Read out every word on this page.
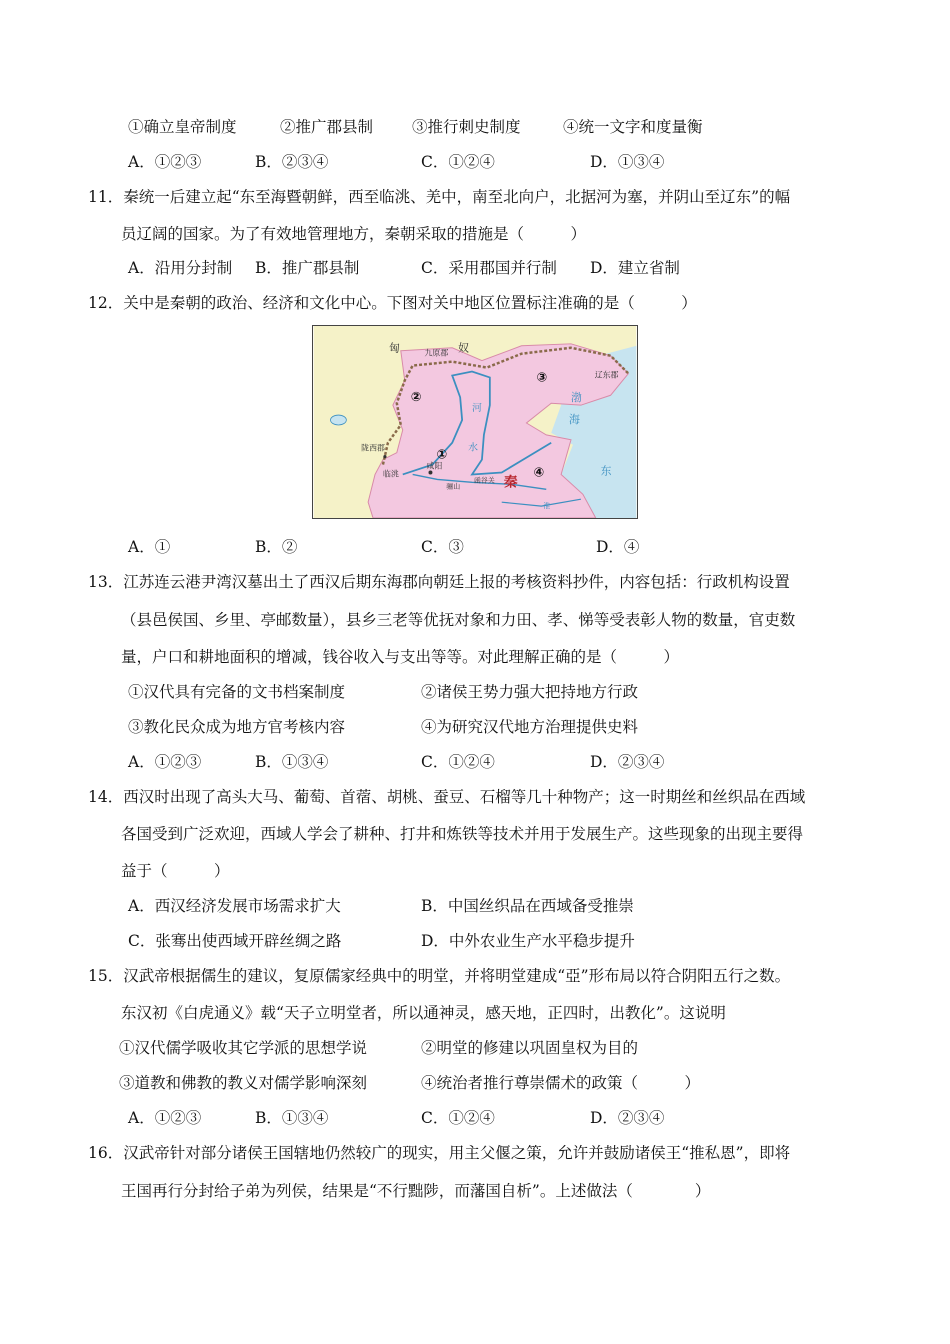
①确立皇帝制度	②推广郡县制	③推行刺史制度	④统一文字和度量衡
A．①②③	B．②③④	C．①②④	D．①③④
11．秦统一后建立起“东至海暨朝鲜，西至临洮、羌中，南至北向户，北据河为塞，并阴山至辽东”的幅
员辽阔的国家。为了有效地管理地方，秦朝采取的措施是（　　　）
A．沿用分封制 B．推广郡县制	C．采用郡国并行制 D．建立省制
12．关中是秦朝的政治、经济和文化中心。下图对关中地区位置标注准确的是（　　　）
匈	奴
九原郡
辽东郡
陇西郡
临洮
咸阳
函谷关
骊山
河
水
渤
海
东
秦
淮
②
③
①
④
A．①	B．②	C．③	D．④
13．江苏连云港尹湾汉墓出土了西汉后期东海郡向朝廷上报的考核资料抄件，内容包括：行政机构设置
（县邑侯国、乡里、亭邮数量），县乡三老等优抚对象和力田、孝、悌等受表彰人物的数量，官吏数
量，户口和耕地面积的增减，钱谷收入与支出等等。对此理解正确的是（　　　）
①汉代具有完备的文书档案制度	②诸侯王势力强大把持地方行政
③教化民众成为地方官考核内容	④为研究汉代地方治理提供史料
A．①②③	B．①③④	C．①②④	D．②③④
14．西汉时出现了高头大马、葡萄、首蓿、胡桃、蚕豆、石榴等几十种物产；这一时期丝和丝织品在西域
各国受到广泛欢迎，西域人学会了耕种、打井和炼铁等技术并用于发展生产。这些现象的出现主要得
益于（　　　）
A．西汉经济发展市场需求扩大	B．中国丝织品在西域备受推崇
C．张骞出使西域开辟丝绸之路	D．中外农业生产水平稳步提升
15．汉武帝根据儒生的建议，复原儒家经典中的明堂，并将明堂建成“亞”形布局以符合阴阳五行之数。
东汉初《白虎通义》载“天子立明堂者，所以通神灵，感天地，正四时，出教化”。这说明
①汉代儒学吸收其它学派的思想学说	②明堂的修建以巩固皇权为目的
③道教和佛教的教义对儒学影响深刻	④统治者推行尊崇儒术的政策（　　　）
A．①②③	B．①③④	C．①②④	D．②③④
16．汉武帝针对部分诸侯王国辖地仍然较广的现实，用主父偃之策，允许并鼓励诸侯王“推私恩”，即将
王国再行分封给子弟为列侯，结果是“不行黜陟，而藩国自析”。上述做法（　　　　）
